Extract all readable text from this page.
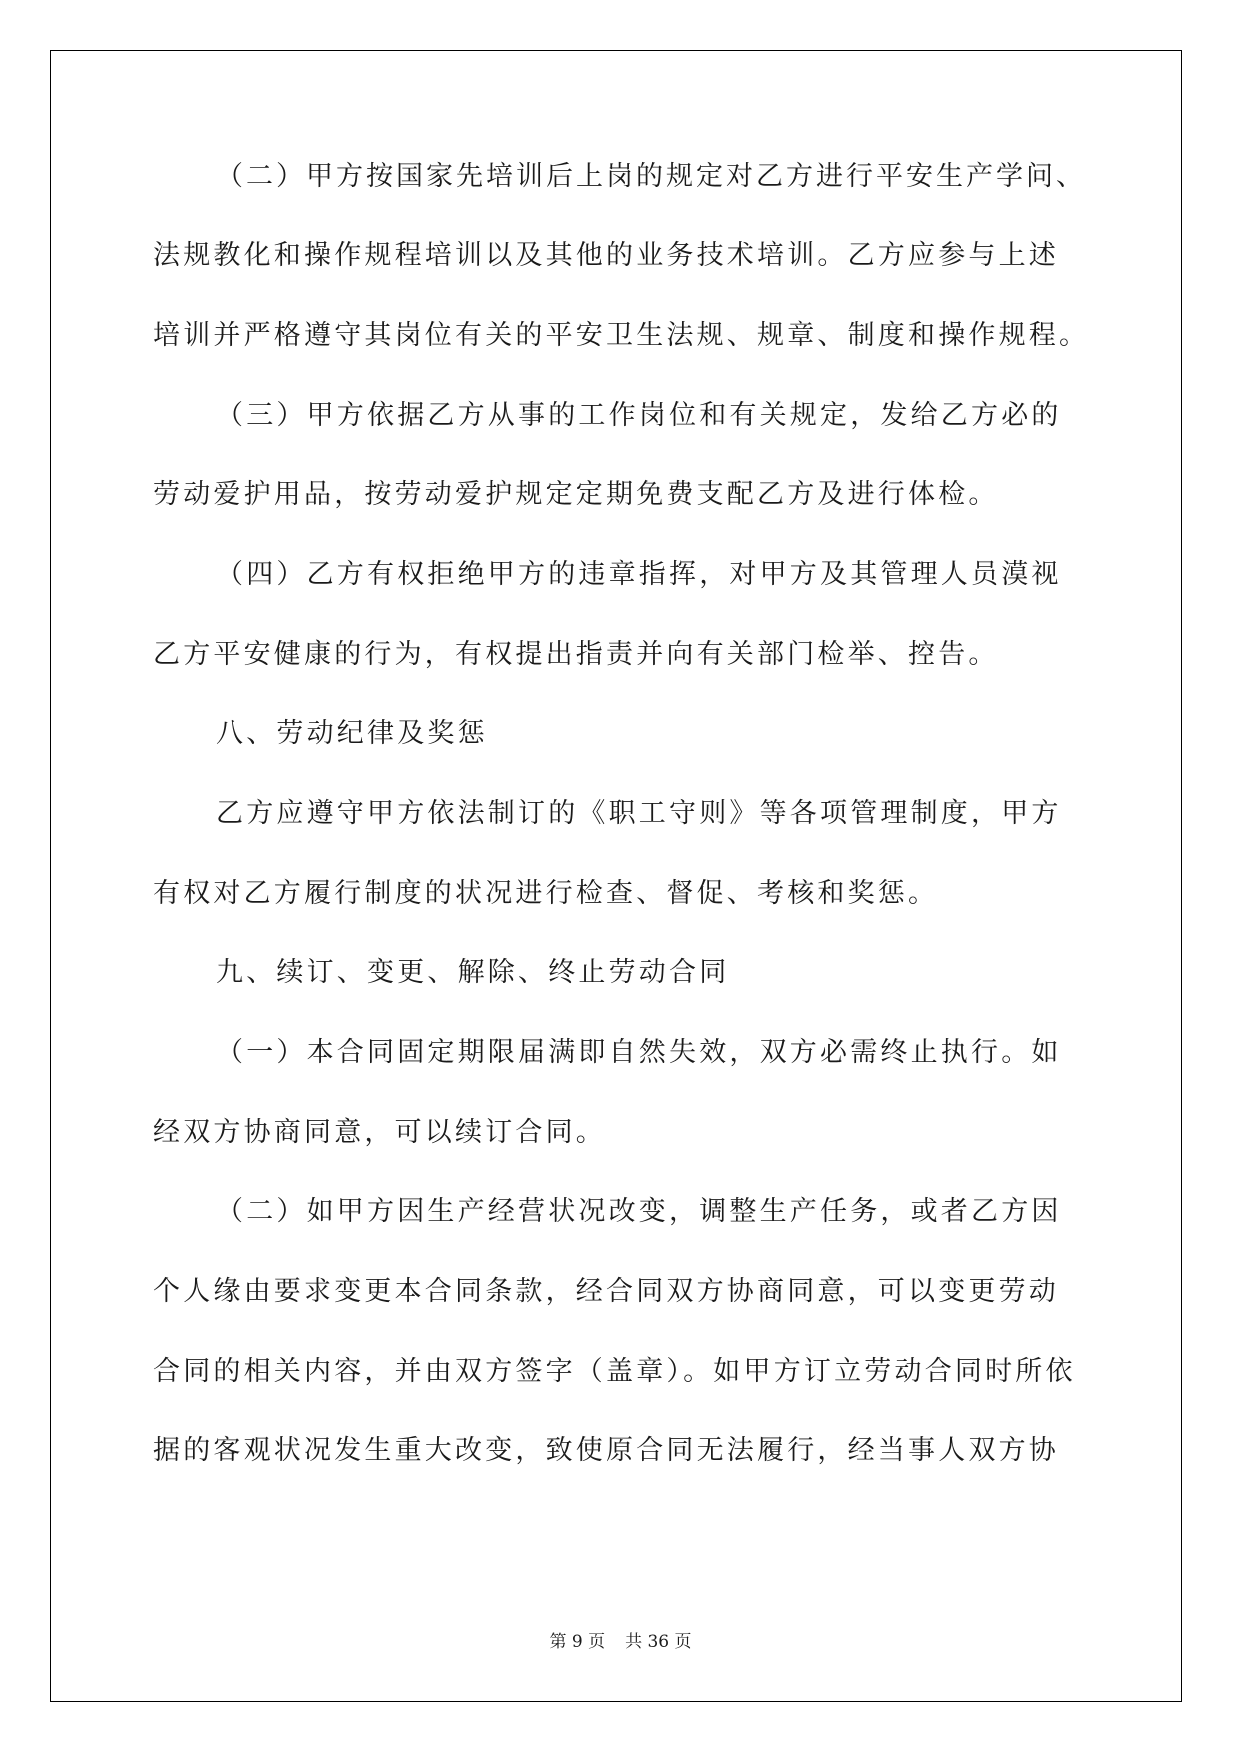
（二）甲方按国家先培训后上岗的规定对乙方进行平安生产学问、
法规教化和操作规程培训以及其他的业务技术培训。乙方应参与上述
培训并严格遵守其岗位有关的平安卫生法规、规章、制度和操作规程。
（三）甲方依据乙方从事的工作岗位和有关规定，发给乙方必的
劳动爱护用品，按劳动爱护规定定期免费支配乙方及进行体检。
（四）乙方有权拒绝甲方的违章指挥，对甲方及其管理人员漠视
乙方平安健康的行为，有权提出指责并向有关部门检举、控告。
八、劳动纪律及奖惩
乙方应遵守甲方依法制订的《职工守则》等各项管理制度，甲方
有权对乙方履行制度的状况进行检查、督促、考核和奖惩。
九、续订、变更、解除、终止劳动合同
（一）本合同固定期限届满即自然失效，双方必需终止执行。如
经双方协商同意，可以续订合同。
（二）如甲方因生产经营状况改变，调整生产任务，或者乙方因
个人缘由要求变更本合同条款，经合同双方协商同意，可以变更劳动
合同的相关内容，并由双方签字（盖章）。如甲方订立劳动合同时所依
据的客观状况发生重大改变，致使原合同无法履行，经当事人双方协
第 9 页 共 36 页
